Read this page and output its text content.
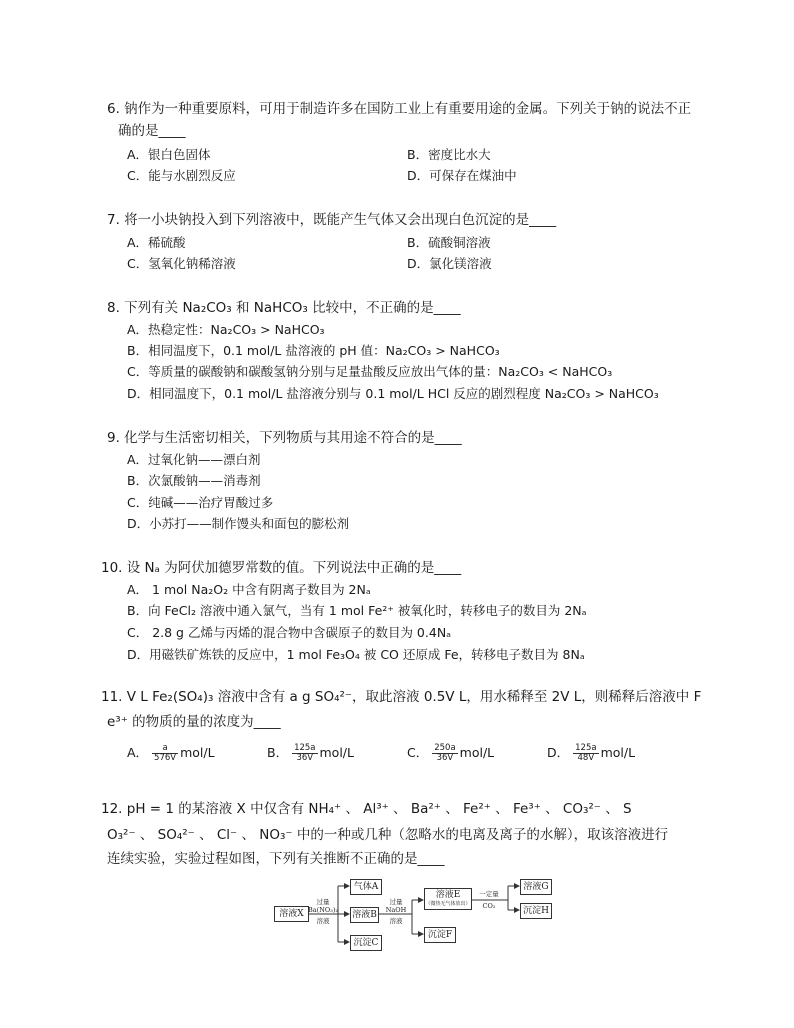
6. 钠作为一种重要原料，可用于制造许多在国防工业上有重要用途的金属。下列关于钠的说法不正
确的是____
A．银白色固体	B．密度比水大
C．能与水剧烈反应	D．可保存在煤油中
7. 将一小块钠投入到下列溶液中，既能产生气体又会出现白色沉淀的是____
A．稀硫酸	B．硫酸铜溶液
C．氢氧化钠稀溶液	D．氯化镁溶液
8. 下列有关 Na₂CO₃ 和 NaHCO₃ 比较中，不正确的是____
A．热稳定性：Na₂CO₃ > NaHCO₃
B．相同温度下，0.1 mol/L 盐溶液的 pH 值：Na₂CO₃ > NaHCO₃
C．等质量的碳酸钠和碳酸氢钠分别与足量盐酸反应放出气体的量：Na₂CO₃ < NaHCO₃
D．相同温度下，0.1 mol/L 盐溶液分别与 0.1 mol/L HCl 反应的剧烈程度 Na₂CO₃ > NaHCO₃
9. 化学与生活密切相关，下列物质与其用途不符合的是____
A．过氧化钠——漂白剂
B．次氯酸钠——消毒剂
C．纯碱——治疗胃酸过多
D．小苏打——制作馒头和面包的膨松剂
10. 设 Nₐ 为阿伏加德罗常数的值。下列说法中正确的是____
A． 1 mol Na₂O₂ 中含有阴离子数目为 2Nₐ
B．向 FeCl₂ 溶液中通入氯气，当有 1 mol Fe²⁺ 被氧化时，转移电子的数目为 2Nₐ
C． 2.8 g 乙烯与丙烯的混合物中含碳原子的数目为 0.4Nₐ
D．用磁铁矿炼铁的反应中，1 mol Fe₃O₄ 被 CO 还原成 Fe，转移电子数目为 8Nₐ
11. V L Fe₂(SO₄)₃ 溶液中含有 a g SO₄²⁻，取此溶液 0.5V L，用水稀释至 2V L，则稀释后溶液中 F
e³⁺ 的物质的量的浓度为____
A． $\frac{a}{576V} mol/L$	B． $\frac{125a}{36V} mol/L$	C． $\frac{250a}{36V} mol/L$	D． $\frac{125a}{48V} mol/L$
12. pH = 1 的某溶液 X 中仅含有 NH₄⁺ 、 Al³⁺ 、 Ba²⁺ 、 Fe²⁺ 、 Fe³⁺ 、 CO₃²⁻ 、 S
O₃²⁻ 、 SO₄²⁻ 、 Cl⁻ 、 NO₃⁻ 中的一种或几种（忽略水的电离及离子的水解），取该溶液进行
连续实验，实验过程如图，下列有关推断不正确的是____
溶液X
过量
Ba(NO₃)₂
溶液
气体A
溶液B
沉淀C
过量
NaOH
溶液
溶液E
（微热无气体放出）
沉淀F
一定量
CO₂
溶液G
沉淀H
